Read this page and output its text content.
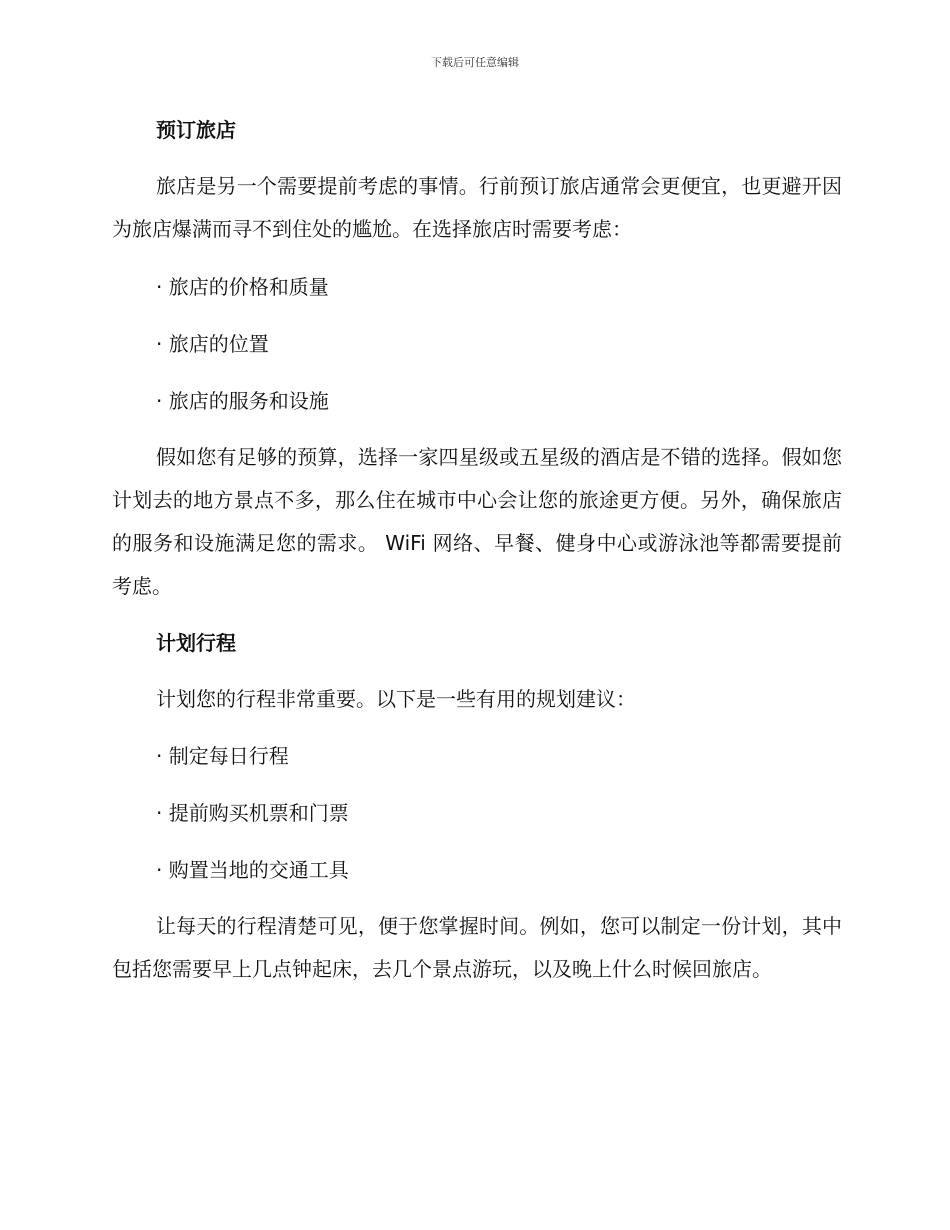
下载后可任意编辑
预订旅店

旅店是另一个需要提前考虑的事情。行前预订旅店通常会更便宜，也更避开因为旅店爆满而寻不到住处的尴尬。在选择旅店时需要考虑：

· 旅店的价格和质量
· 旅店的位置
· 旅店的服务和设施

假如您有足够的预算，选择一家四星级或五星级的酒店是不错的选择。假如您计划去的地方景点不多，那么住在城市中心会让您的旅途更方便。另外，确保旅店的服务和设施满足您的需求。 WiFi 网络、早餐、健身中心或游泳池等都需要提前考虑。

计划行程

计划您的行程非常重要。以下是一些有用的规划建议：

· 制定每日行程
· 提前购买机票和门票
· 购置当地的交通工具

让每天的行程清楚可见，便于您掌握时间。例如，您可以制定一份计划，其中包括您需要早上几点钟起床，去几个景点游玩，以及晚上什么时候回旅店。
